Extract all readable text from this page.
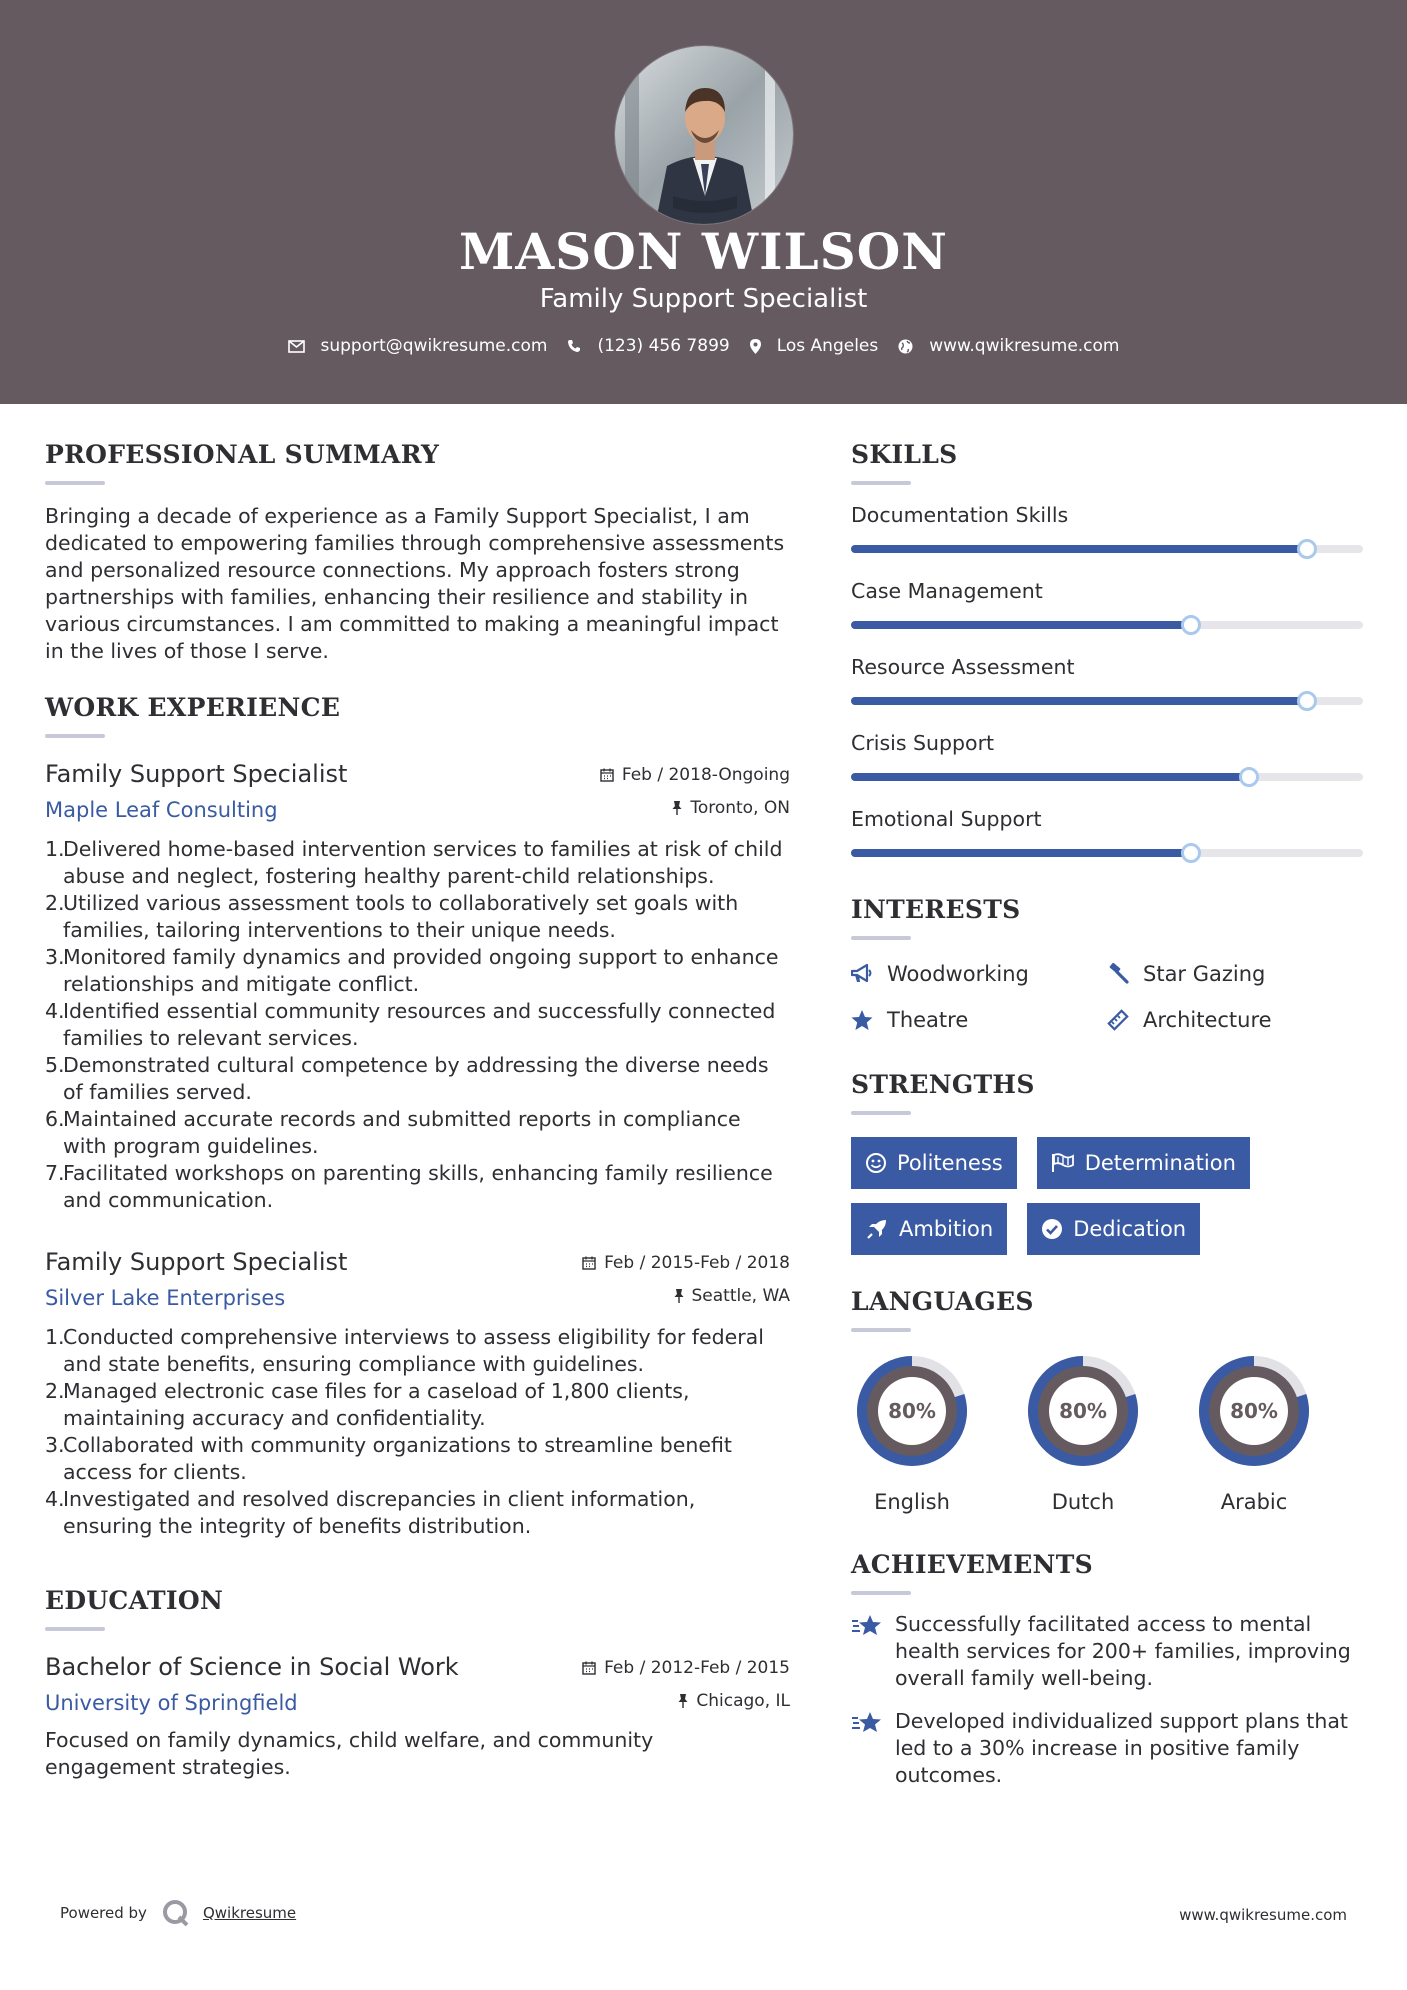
MASON WILSON
Family Support Specialist
support@qwikresume.com	(123) 456 7899	Los Angeles	www.qwikresume.com
PROFESSIONAL SUMMARY
Bringing a decade of experience as a Family Support Specialist, I am dedicated to empowering families through comprehensive assessments and personalized resource connections. My approach fosters strong partnerships with families, enhancing their resilience and stability in various circumstances. I am committed to making a meaningful impact in the lives of those I serve.
WORK EXPERIENCE
Family Support Specialist
Maple Leaf Consulting
Feb / 2018-Ongoing
Toronto, ON
1.
Delivered home-based intervention services to families at risk of child abuse and neglect, fostering healthy parent-child relationships.
2.
Utilized various assessment tools to collaboratively set goals with families, tailoring interventions to their unique needs.
3.
Monitored family dynamics and provided ongoing support to enhance relationships and mitigate conflict.
4.
Identified essential community resources and successfully connected families to relevant services.
5.
Demonstrated cultural competence by addressing the diverse needs of families served.
6.
Maintained accurate records and submitted reports in compliance with program guidelines.
7.
Facilitated workshops on parenting skills, enhancing family resilience and communication.
Family Support Specialist
Silver Lake Enterprises
Feb / 2015-Feb / 2018
Seattle, WA
1.
Conducted comprehensive interviews to assess eligibility for federal and state benefits, ensuring compliance with guidelines.
2.
Managed electronic case files for a caseload of 1,800 clients, maintaining accuracy and confidentiality.
3.
Collaborated with community organizations to streamline benefit access for clients.
4.
Investigated and resolved discrepancies in client information, ensuring the integrity of benefits distribution.
EDUCATION
Bachelor of Science in Social Work
University of Springfield
Feb / 2012-Feb / 2015
Chicago, IL
Focused on family dynamics, child welfare, and community engagement strategies.
SKILLS
Documentation Skills
Case Management
Resource Assessment
Crisis Support
Emotional Support
INTERESTS
Woodworking	Star Gazing
Theatre	Architecture
STRENGTHS
Politeness	Determination
Ambition	Dedication
LANGUAGES
80%
English
80%
Dutch
80%
Arabic
ACHIEVEMENTS
Successfully facilitated access to mental health services for 200+ families, improving overall family well-being.
Developed individualized support plans that led to a 30% increase in positive family outcomes.
Powered by	Qwikresume	www.qwikresume.com
